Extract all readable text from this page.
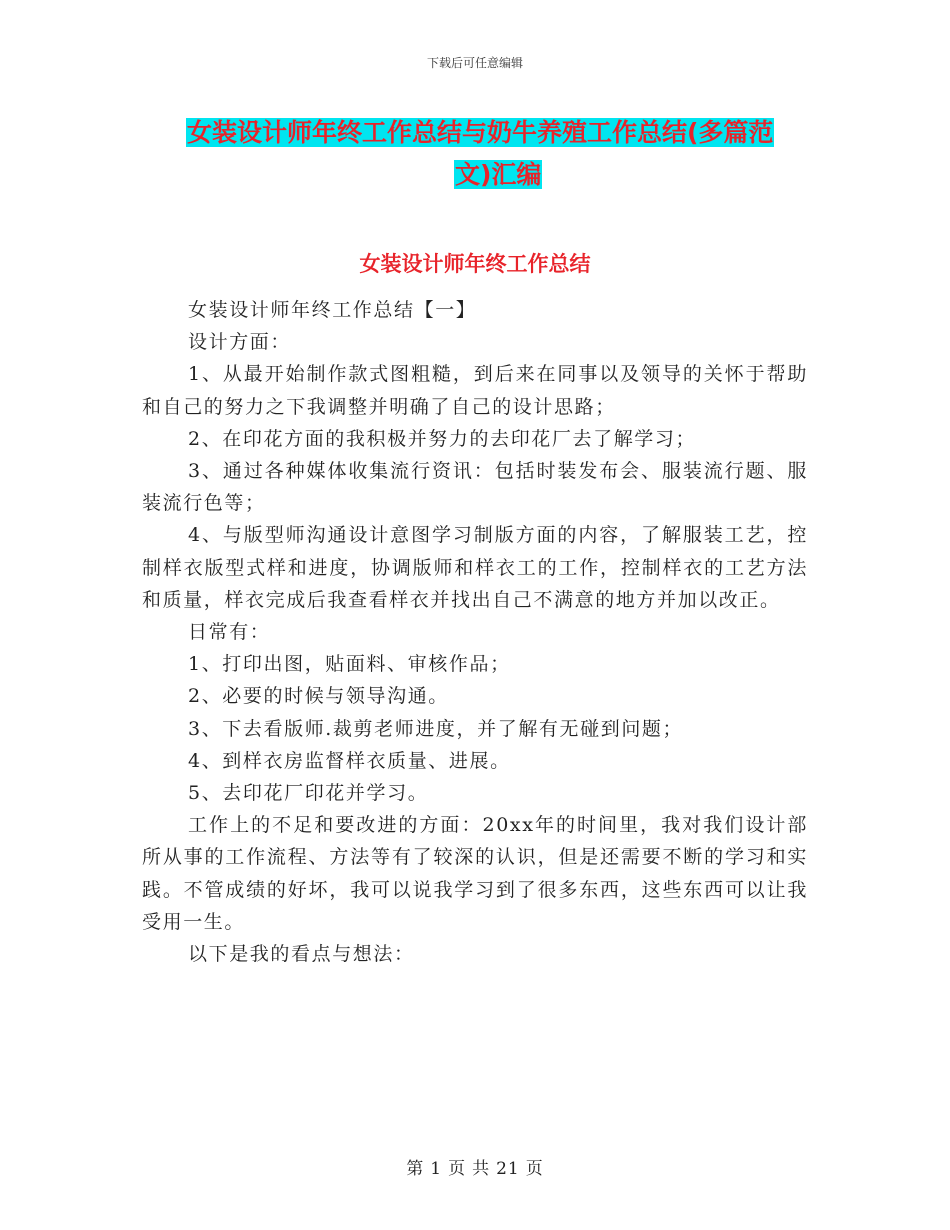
下载后可任意编辑
女装设计师年终工作总结与奶牛养殖工作总结(多篇范
文)汇编
女装设计师年终工作总结

女装设计师年终工作总结【一】

设计方面：

1、从最开始制作款式图粗糙，到后来在同事以及领导的关怀于帮助和自己的努力之下我调整并明确了自己的设计思路；

2、在印花方面的我积极并努力的去印花厂去了解学习；

3、通过各种媒体收集流行资讯：包括时装发布会、服装流行题、服装流行色等；

4、与版型师沟通设计意图学习制版方面的内容，了解服装工艺，控制样衣版型式样和进度，协调版师和样衣工的工作，控制样衣的工艺方法和质量，样衣完成后我查看样衣并找出自己不满意的地方并加以改正。

日常有：

1、打印出图，贴面料、审核作品；

2、必要的时候与领导沟通。

3、下去看版师.裁剪老师进度，并了解有无碰到问题；

4、到样衣房监督样衣质量、进展。

5、去印花厂印花并学习。

工作上的不足和要改进的方面：20xx年的时间里，我对我们设计部所从事的工作流程、方法等有了较深的认识，但是还需要不断的学习和实践。不管成绩的好坏，我可以说我学习到了很多东西，这些东西可以让我受用一生。

以下是我的看点与想法：

第 1 页 共 21 页
